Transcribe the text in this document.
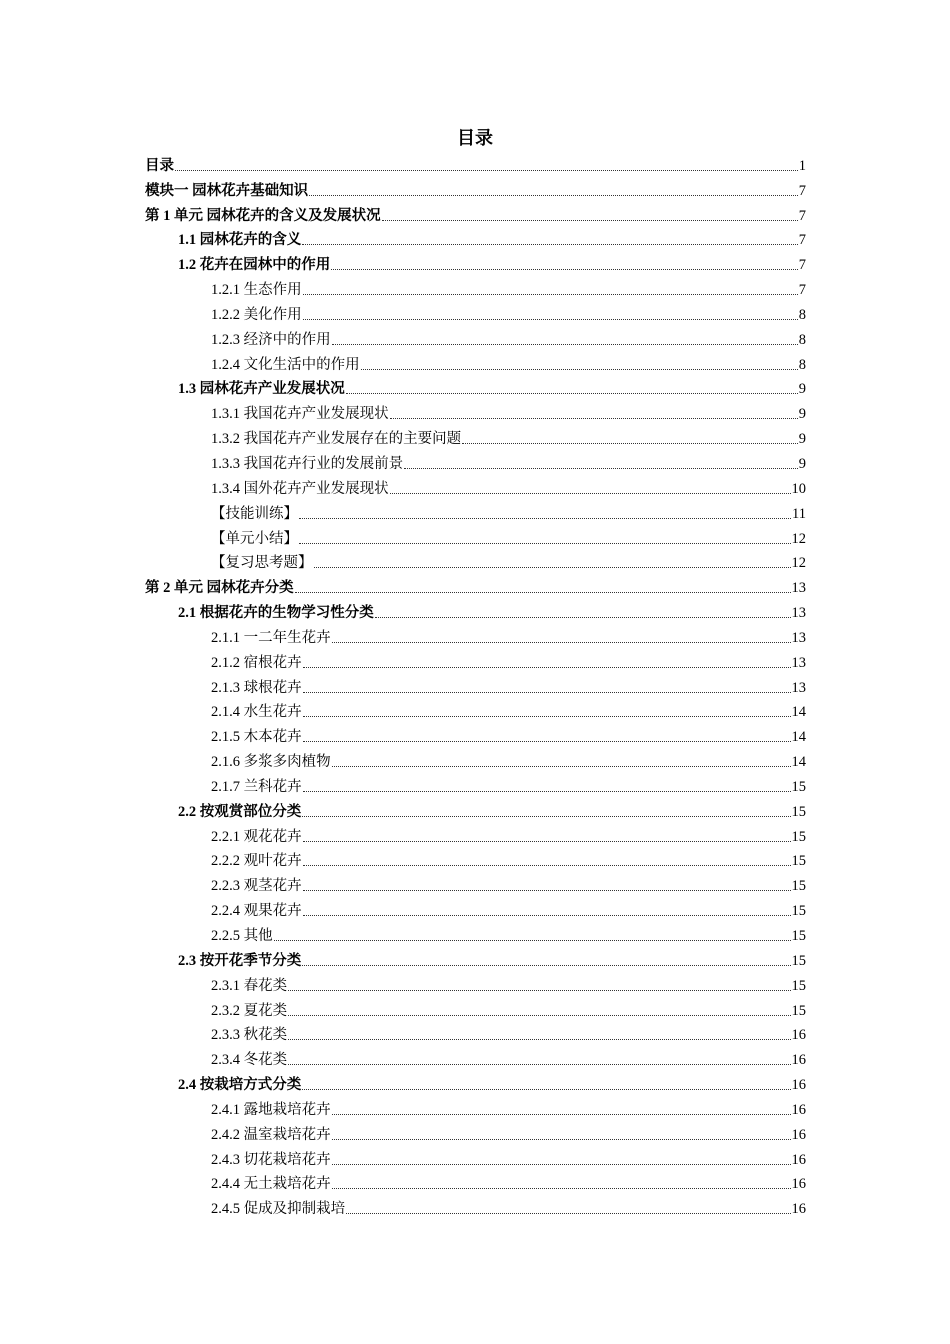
目录
目录	1
模块一 园林花卉基础知识	7
第 1 单元 园林花卉的含义及发展状况	7
1.1 园林花卉的含义	7
1.2 花卉在园林中的作用	7
1.2.1 生态作用	7
1.2.2 美化作用	8
1.2.3 经济中的作用	8
1.2.4 文化生活中的作用	8
1.3 园林花卉产业发展状况	9
1.3.1 我国花卉产业发展现状	9
1.3.2 我国花卉产业发展存在的主要问题	9
1.3.3 我国花卉行业的发展前景	9
1.3.4 国外花卉产业发展现状	10
【技能训练】	11
【单元小结】	12
【复习思考题】	12
第 2 单元 园林花卉分类	13
2.1 根据花卉的生物学习性分类	13
2.1.1 一二年生花卉	13
2.1.2 宿根花卉	13
2.1.3 球根花卉	13
2.1.4 水生花卉	14
2.1.5 木本花卉	14
2.1.6 多浆多肉植物	14
2.1.7 兰科花卉	15
2.2 按观赏部位分类	15
2.2.1 观花花卉	15
2.2.2 观叶花卉	15
2.2.3 观茎花卉	15
2.2.4 观果花卉	15
2.2.5 其他	15
2.3 按开花季节分类	15
2.3.1 春花类	15
2.3.2 夏花类	15
2.3.3 秋花类	16
2.3.4 冬花类	16
2.4 按栽培方式分类	16
2.4.1 露地栽培花卉	16
2.4.2 温室栽培花卉	16
2.4.3 切花栽培花卉	16
2.4.4 无土栽培花卉	16
2.4.5 促成及抑制栽培	16
